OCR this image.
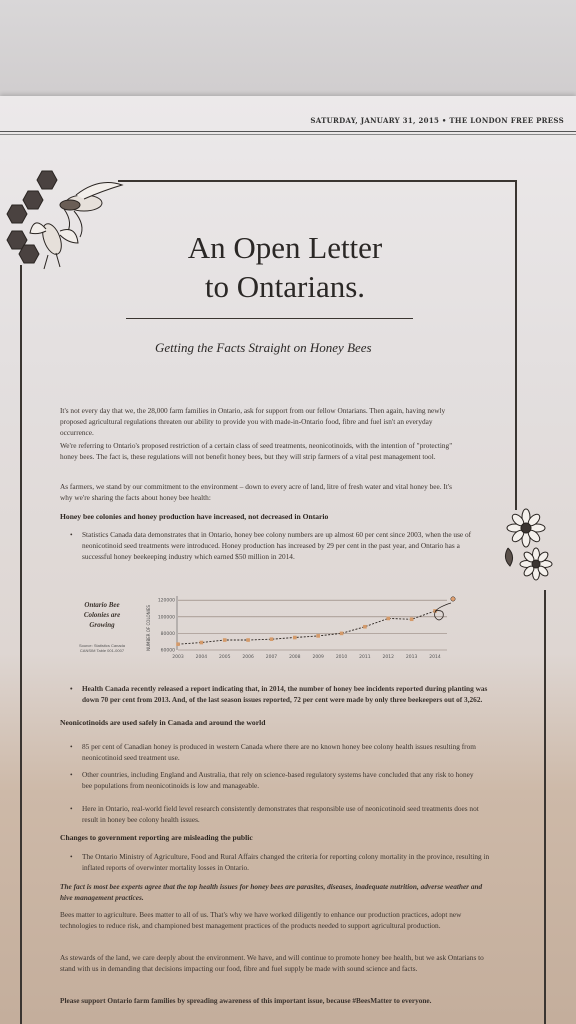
SATURDAY, JANUARY 31, 2015 • THE LONDON FREE PRESS
An Open Letter
to Ontarians.
Getting the Facts Straight on Honey Bees
It's not every day that we, the 28,000 farm families in Ontario, ask for support from our fellow Ontarians. Then again, having newly proposed agricultural regulations threaten our ability to provide you with made-in-Ontario food, fibre and fuel isn't an everyday occurrence.
We're referring to Ontario's proposed restriction of a certain class of seed treatments, neonicotinoids, with the intention of "protecting" honey bees. The fact is, these regulations will not benefit honey bees, but they will strip farmers of a vital pest management tool.
As farmers, we stand by our commitment to the environment – down to every acre of land, litre of fresh water and vital honey bee. It's why we're sharing the facts about honey bee health:
Honey bee colonies and honey production have increased, not decreased in Ontario
• Statistics Canada data demonstrates that in Ontario, honey bee colony numbers are up almost 60 per cent since 2003, when the use of neonicotinoid seed treatments were introduced. Honey production has increased by 29 per cent in the past year, and Ontario has a successful honey beekeeping industry which earned $50 million in 2014.
Ontario Bee Colonies are Growing
Source: Statistics Canada CANSIM Table 001-0007	NUMBER OF COLONIES
60000
80000
100000
120000
2003	2004	2005	2006	2007	2008	2009	2010	2011	2012	2013	2014
• Health Canada recently released a report indicating that, in 2014, the number of honey bee incidents reported during planting was down 70 per cent from 2013. And, of the last season issues reported, 72 per cent were made by only three beekeepers out of 3,262.
Neonicotinoids are used safely in Canada and around the world
• 85 per cent of Canadian honey is produced in western Canada where there are no known honey bee colony health issues resulting from neonicotinoid seed treatment use.
• Other countries, including England and Australia, that rely on science-based regulatory systems have concluded that any risk to honey bee populations from neonicotinoids is low and manageable.
• Here in Ontario, real-world field level research consistently demonstrates that responsible use of neonicotinoid seed treatments does not result in honey bee colony health issues.
Changes to government reporting are misleading the public
• The Ontario Ministry of Agriculture, Food and Rural Affairs changed the criteria for reporting colony mortality in the province, resulting in inflated reports of overwinter mortality losses in Ontario.
The fact is most bee experts agree that the top health issues for honey bees are parasites, diseases, inadequate nutrition, adverse weather and hive management practices.
Bees matter to agriculture. Bees matter to all of us. That's why we have worked diligently to enhance our production practices, adopt new technologies to reduce risk, and championed best management practices of the products needed to support agricultural production.
As stewards of the land, we care deeply about the environment. We have, and will continue to promote honey bee health, but we ask Ontarians to stand with us in demanding that decisions impacting our food, fibre and fuel supply be made with sound science and facts.
Please support Ontario farm families by spreading awareness of this important issue, because #BeesMatter to everyone.
